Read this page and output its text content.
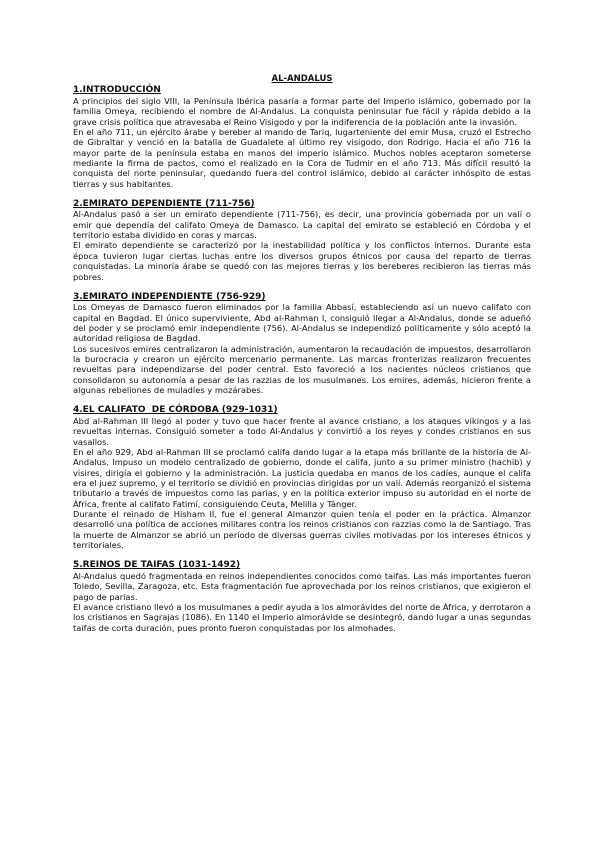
AL-ANDALUS
1.INTRODUCCIÓN

A principios del siglo VIII, la Península Ibérica pasaría a formar parte del Imperio islámico, gobernado por la familia Omeya, recibiendo el nombre de Al-Andalus. La conquista peninsular fue fácil y rápida debido a la grave crisis política que atravesaba el Reino Visigodo y por la indiferencia de la población ante la invasión.

En el año 711, un ejército árabe y bereber al mando de Tariq, lugarteniente del emir Musa, cruzó el Estrecho de Gibraltar y venció en la batalla de Guadalete al último rey visigodo, don Rodrigo. Hacia el año 716 la mayor parte de la península estaba en manos del imperio islámico. Muchos nobles aceptaron someterse mediante la firma de pactos, como el realizado en la Cora de Tudmir en el año 713. Más difícil resultó la conquista del norte peninsular, quedando fuera del control islámico, debido al carácter inhóspito de estas tierras y sus habitantes.

2.EMIRATO DEPENDIENTE (711-756)

Al-Andalus pasó a ser un emirato dependiente (711-756), es decir, una provincia gobernada por un valí o emir que dependía del califato Omeya de Damasco. La capital del emirato se estableció en Córdoba y el territorio estaba dividido en coras y marcas.

El emirato dependiente se caracterizó por la inestabilidad política y los conflictos internos. Durante esta época tuvieron lugar ciertas luchas entre los diversos grupos étnicos por causa del reparto de tierras conquistadas. La minoría árabe se quedó con las mejores tierras y los bereberes recibieron las tierras más pobres.

3.EMIRATO INDEPENDIENTE (756-929)

Los Omeyas de Damasco fueron eliminados por la familia Abbasí, estableciendo así un nuevo califato con capital en Bagdad. El único superviviente, Abd al-Rahman I, consiguió llegar a Al-Andalus, donde se adueñó del poder y se proclamó emir independiente (756). Al-Andalus se independizó políticamente y sólo aceptó la autoridad religiosa de Bagdad.

Los sucesivos emires centralizaron la administración, aumentaron la recaudación de impuestos, desarrollaron la burocracia y crearon un ejército mercenario permanente. Las marcas fronterizas realizaron frecuentes revueltas para independizarse del poder central. Esto favoreció a los nacientes núcleos cristianos que consolidaron su autonomía a pesar de las razzias de los musulmanes. Los emires, además, hicieron frente a algunas rebeliones de muladíes y mozárabes.

4.EL CALIFATO  DE CÓRDOBA (929-1031)

Abd al-Rahman III llegó al poder y tuvo que hacer frente al avance cristiano, a los ataques vikingos y a las revueltas internas. Consiguió someter a todo Al-Andalus y convirtió a los reyes y condes cristianos en sus vasallos.

En el año 929, Abd al-Rahman III se proclamó califa dando lugar a la etapa más brillante de la historia de Al-Andalus. Impuso un modelo centralizado de gobierno, donde el califa, junto a su primer ministro (hachib) y visires, dirigía el gobierno y la administración. La justicia quedaba en manos de los cadíes, aunque el califa era el juez supremo, y el territorio se dividió en provincias dirigidas por un valí. Además reorganizó el sistema tributario a través de impuestos como las parias, y en la política exterior impuso su autoridad en el norte de África, frente al califato Fatimí, consiguiendo Ceuta, Melilla y Tánger.

Durante el reinado de Hisham II, fue el general Almanzor quien tenía el poder en la práctica. Almanzor desarrolló una política de acciones militares contra los reinos cristianos con razzias como la de Santiago. Tras la muerte de Almanzor se abrió un período de diversas guerras civiles motivadas por los intereses étnicos y territoriales.

5.REINOS DE TAIFAS (1031-1492)

Al-Andalus quedó fragmentada en reinos independientes conocidos como taifas. Las más importantes fueron Toledo, Sevilla, Zaragoza, etc. Esta fragmentación fue aprovechada por los reinos cristianos, que exigieron el pago de parias.

El avance cristiano llevó a los musulmanes a pedir ayuda a los almorávides del norte de África, y derrotaron a los cristianos en Sagrajas (1086). En 1140 el Imperio almorávide se desintegró, dando lugar a unas segundas taifas de corta duración, pues pronto fueron conquistadas por los almohades.
